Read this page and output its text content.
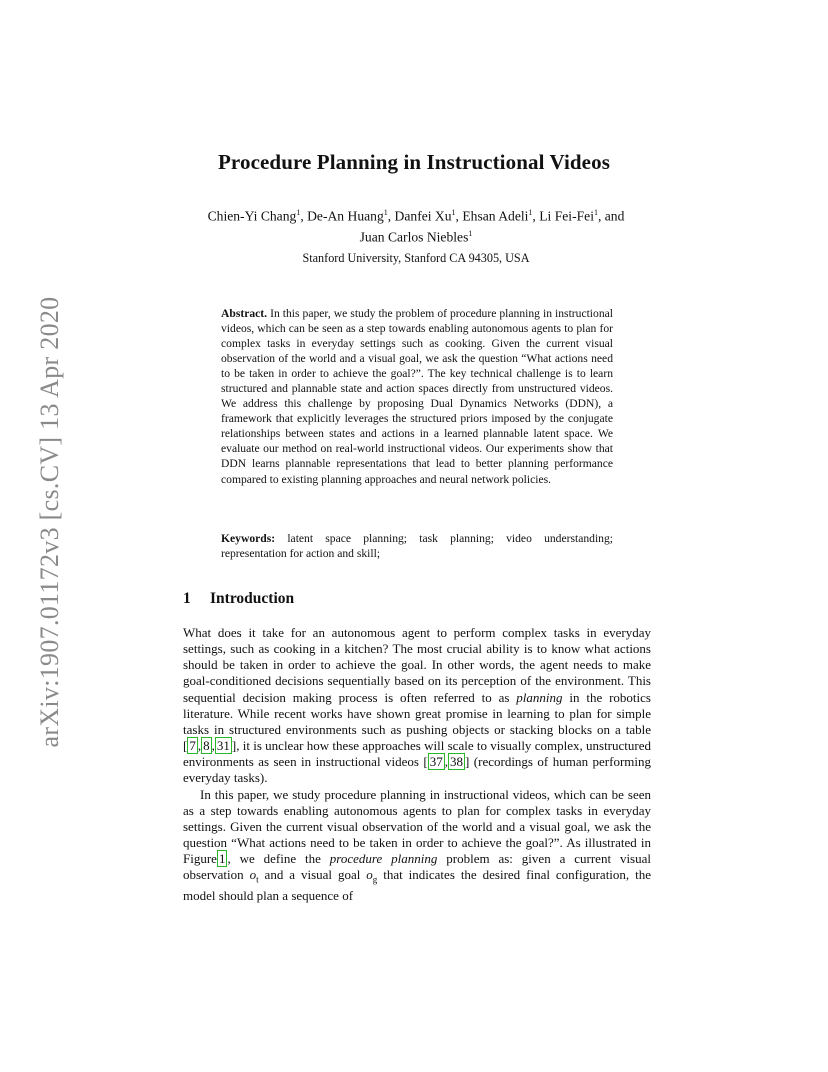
arXiv:1907.01172v3 [cs.CV] 13 Apr 2020
Procedure Planning in Instructional Videos
Chien-Yi Chang$^1$, De-An Huang$^1$, Danfei Xu$^1$, Ehsan Adeli$^1$, Li Fei-Fei$^1$, and
Juan Carlos Niebles$^1$
Stanford University, Stanford CA 94305, USA
Abstract. In this paper, we study the problem of procedure planning in instructional videos, which can be seen as a step towards enabling autonomous agents to plan for complex tasks in everyday settings such as cooking. Given the current visual observation of the world and a visual goal, we ask the question “What actions need to be taken in order to achieve the goal?”. The key technical challenge is to learn structured and plannable state and action spaces directly from unstructured videos. We address this challenge by proposing Dual Dynamics Networks (DDN), a framework that explicitly leverages the structured priors imposed by the conjugate relationships between states and actions in a learned plannable latent space. We evaluate our method on real-world instructional videos. Our experiments show that DDN learns plannable representations that lead to better planning performance compared to existing planning approaches and neural network policies.
Keywords: latent space planning; task planning; video understanding; representation for action and skill;
1 Introduction

What does it take for an autonomous agent to perform complex tasks in everyday settings, such as cooking in a kitchen? The most crucial ability is to know what actions should be taken in order to achieve the goal. In other words, the agent needs to make goal-conditioned decisions sequentially based on its perception of the environment. This sequential decision making process is often referred to as planning in the robotics literature. While recent works have shown great promise in learning to plan for simple tasks in structured environments such as pushing objects or stacking blocks on a table [ 7 , 8 , 31 ], it is unclear how these approaches will scale to visually complex, unstructured environments as seen in instructional videos [ 37 , 38 ] (recordings of human performing everyday tasks).

In this paper, we study procedure planning in instructional videos, which can be seen as a step towards enabling autonomous agents to plan for complex tasks in everyday settings. Given the current visual observation of the world and a visual goal, we ask the question “What actions need to be taken in order to achieve the goal?”. As illustrated in Figure 1 , we define the procedure planning problem as: given a current visual observation $o_t$ and a visual goal $o_g$ that indicates the desired final configuration, the model should plan a sequence of
